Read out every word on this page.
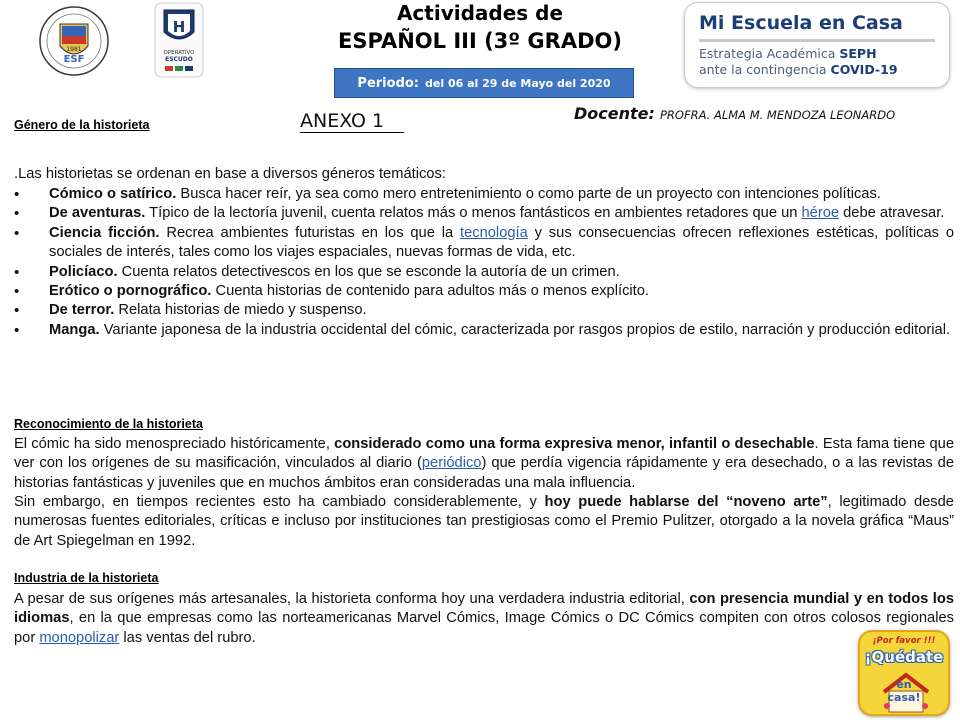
1981
ESF
H
OPERATIVO
ESCUDO
Actividades de
ESPAÑOL III (3º GRADO)
Periodo: del 06 al 29 de Mayo del 2020
Mi Escuela en Casa
Estrategia Académica SEPH
ante la contingencia COVID-19
ANEXO 1	Docente: PROFRA. ALMA M. MENDOZA LEONARDO
Género de la historieta
.Las historietas se ordenan en base a diversos géneros temáticos:
• Cómico o satírico. Busca hacer reír, ya sea como mero entretenimiento o como parte de un proyecto con intenciones políticas.
• De aventuras. Típico de la lectoría juvenil, cuenta relatos más o menos fantásticos en ambientes retadores que un héroe debe atravesar.
• Ciencia ficción. Recrea ambientes futuristas en los que la tecnología y sus consecuencias ofrecen reflexiones estéticas, políticas o sociales de interés, tales como los viajes espaciales, nuevas formas de vida, etc.
• Policíaco. Cuenta relatos detectivescos en los que se esconde la autoría de un crimen.
• Erótico o pornográfico. Cuenta historias de contenido para adultos más o menos explícito.
• De terror. Relata historias de miedo y suspenso.
• Manga. Variante japonesa de la industria occidental del cómic, caracterizada por rasgos propios de estilo, narración y producción editorial.
Reconocimiento de la historieta
El cómic ha sido menospreciado históricamente, considerado como una forma expresiva menor, infantil o desechable. Esta fama tiene que ver con los orígenes de su masificación, vinculados al diario (periódico) que perdía vigencia rápidamente y era desechado, o a las revistas de historias fantásticas y juveniles que en muchos ámbitos eran consideradas una mala influencia.
Sin embargo, en tiempos recientes esto ha cambiado considerablemente, y hoy puede hablarse del “noveno arte”, legitimado desde numerosas fuentes editoriales, críticas e incluso por instituciones tan prestigiosas como el Premio Pulitzer, otorgado a la novela gráfica “Maus” de Art Spiegelman en 1992.
Industria de la historieta
A pesar de sus orígenes más artesanales, la historieta conforma hoy una verdadera industria editorial, con presencia mundial y en todos los idiomas, en la que empresas como las norteamericanas Marvel Cómics, Image Cómics o DC Cómics compiten con otros colosos regionales por monopolizar las ventas del rubro.	¡Por favor !!!
¡Quédate
en
casa!
